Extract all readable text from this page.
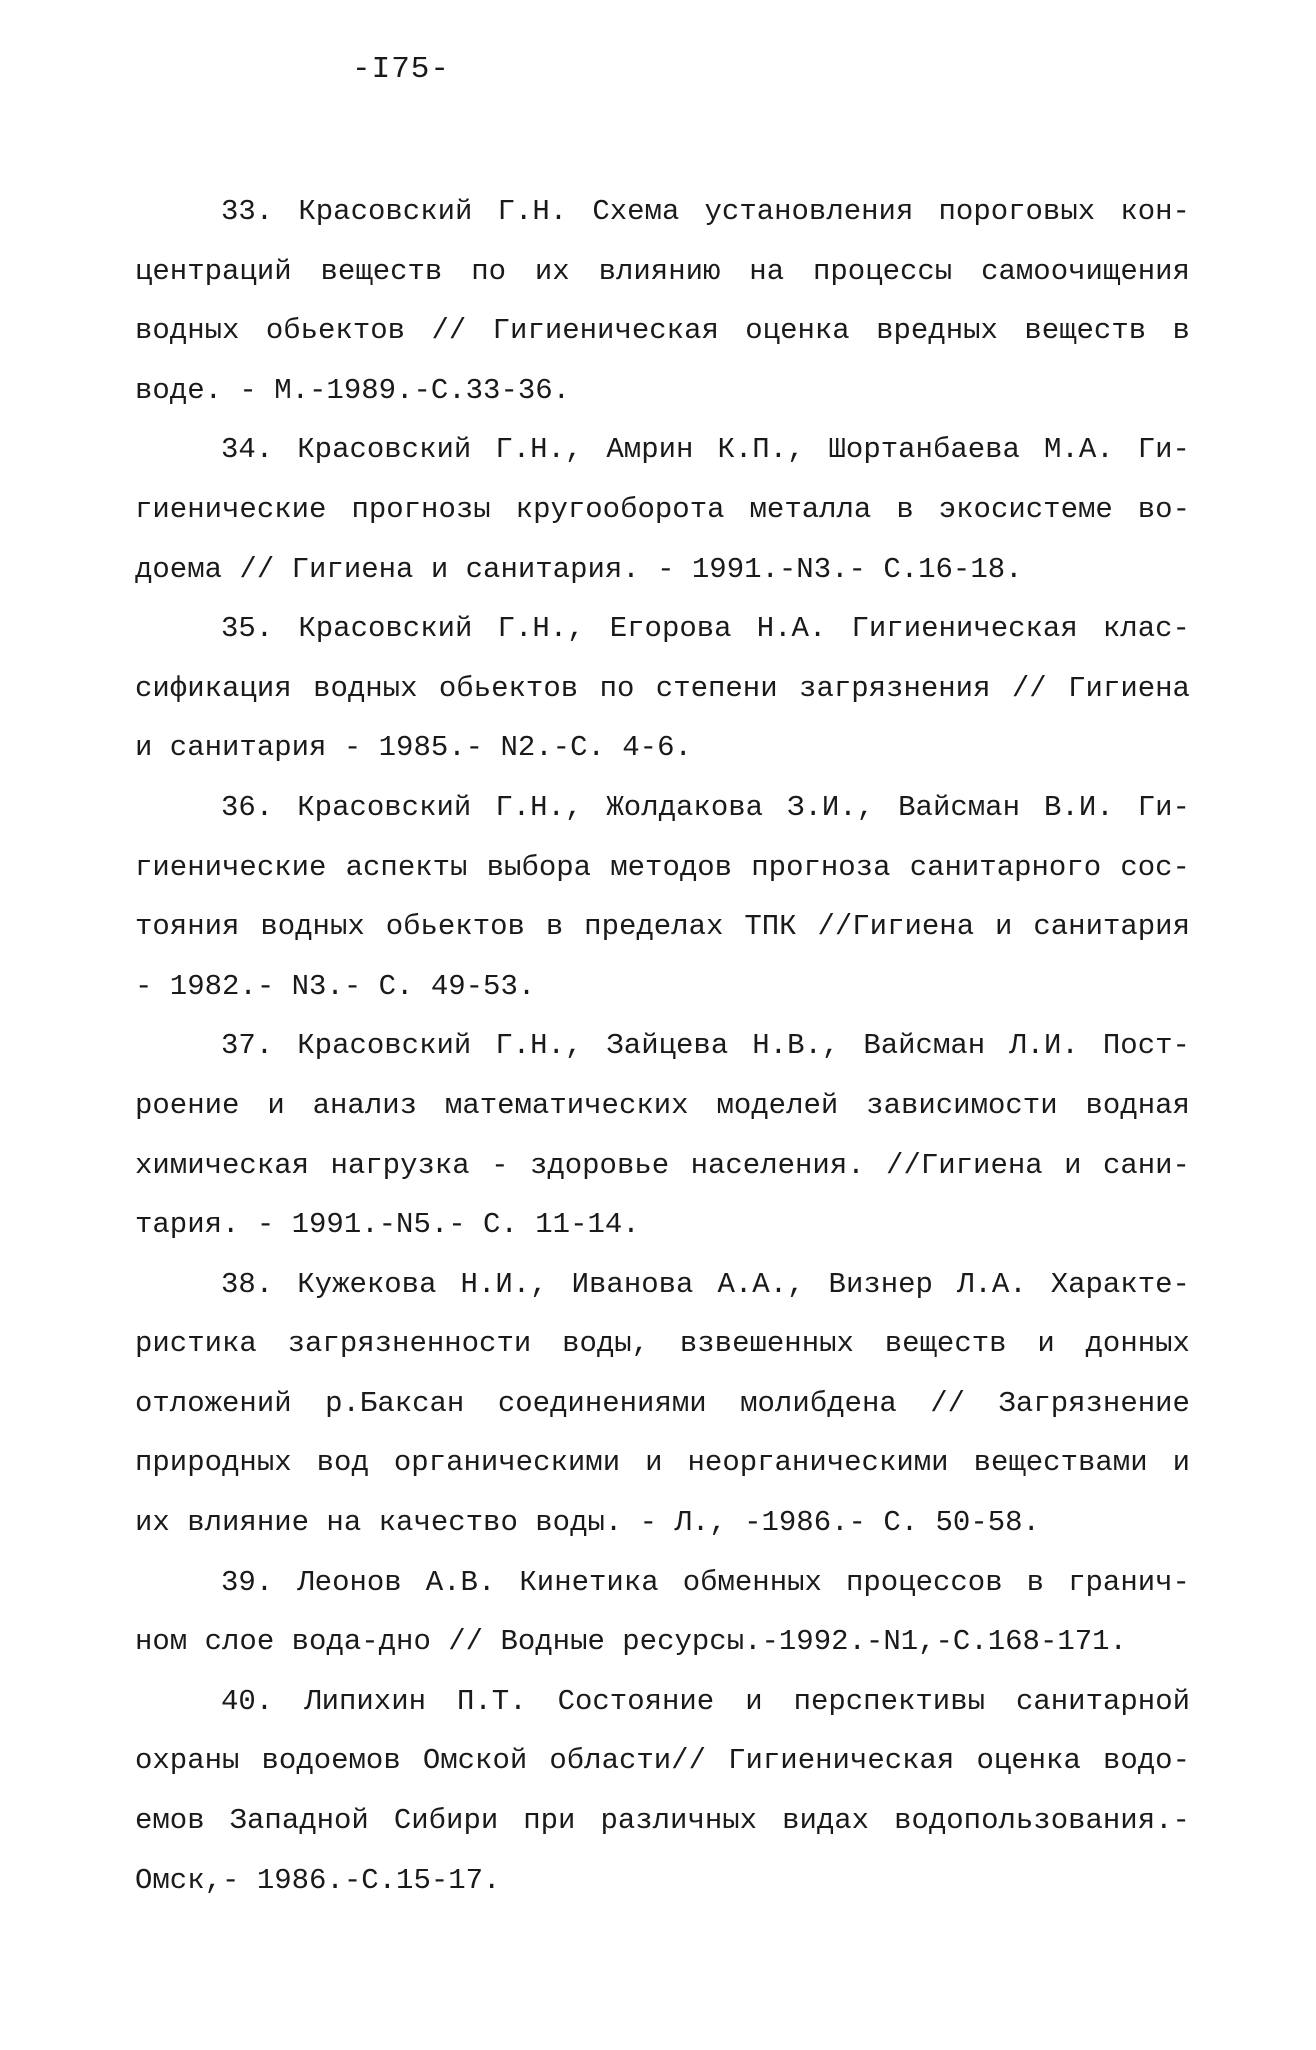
-I75-
33. Красовский Г.Н. Схема установления пороговых кон-
центраций веществ по их влиянию на процессы самоочищения
водных обьектов // Гигиеническая оценка вредных веществ в
воде. - М.-1989.-С.33-36.
34. Красовский Г.Н., Амрин К.П., Шортанбаева М.А. Ги-
гиенические прогнозы кругооборота металла в экосистеме во-
доема // Гигиена и санитария. - 1991.-N3.- С.16-18.
35. Красовский Г.Н., Егорова Н.А. Гигиеническая клас-
сификация водных обьектов по степени загрязнения // Гигиена
и санитария - 1985.- N2.-С. 4-6.
36. Красовский Г.Н., Жолдакова З.И., Вайсман В.И. Ги-
гиенические аспекты выбора методов прогноза санитарного сос-
тояния водных обьектов в пределах ТПК //Гигиена и санитария
- 1982.- N3.- С. 49-53.
37. Красовский Г.Н., Зайцева Н.В., Вайсман Л.И. Пост-
роение и анализ математических моделей зависимости водная
химическая нагрузка - здоровье населения. //Гигиена и сани-
тария. - 1991.-N5.- С. 11-14.
38. Кужекова Н.И., Иванова А.А., Визнер Л.А. Характе-
ристика загрязненности воды, взвешенных веществ и донных
отложений р.Баксан соединениями молибдена // Загрязнение
природных вод органическими и неорганическими веществами и
их влияние на качество воды. - Л., -1986.- С. 50-58.
39. Леонов А.В. Кинетика обменных процессов в гранич-
ном слое вода-дно // Водные ресурсы.-1992.-N1,-С.168-171.
40. Липихин П.Т. Состояние и перспективы санитарной
охраны водоемов Омской области// Гигиеническая оценка водо-
емов Западной Сибири при различных видах водопользования.-
Омск,- 1986.-С.15-17.
